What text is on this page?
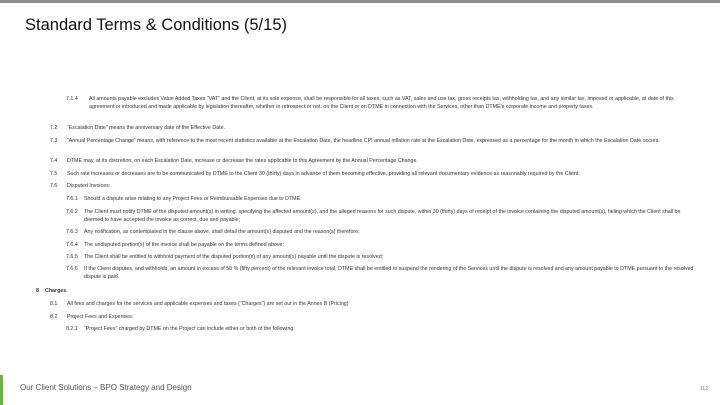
Standard Terms & Conditions (5/15)
7.1.4	All amounts payable excludes Value Added Taxes “VAT” and the Client, at its sole expense, shall be responsible for all taxes, such as VAT, sales and use tax, gross receipts tax, withholding tax, and any similar tax, imposed or applicable, at date of this agreement or introduced and made applicable by legislation thereafter, whether in retrospect or not, on the Client or on DTME in connection with the Services, other than DTME’s corporate income and property taxes.
7.2	“Escalation Date” means the anniversary date of the Effective Date.
7.3	“Annual Percentage Change” means, with reference to the most recent statistics available at the Escalation Date, the headline CPI annual inflation rate at the Escalation Date, expressed as a percentage for the month in which the Escalation Date occurs.
7.4	DTME may, at its discretion, on each Escalation Date, increase or decrease the rates applicable to this Agreement by the Annual Percentage Change.
7.5	Such rate increases or decreases are to be communicated by DTME to the Client 30 (thirty) days in advance of them becoming effective, providing all relevant documentary evidence as reasonably required by the Client.
7.6	Disputed Invoices:
7.6.1	Should a dispute arise relating to any Project Fees or Reimbursable Expenses due to DTME:
7.6.2	The Client must notify DTME of the disputed amount(s) in writing, specifying the affected amount(s), and the alleged reasons for such dispute, within 30 (thirty) days of receipt of the invoice containing the disputed amount(s), failing which the Client shall be deemed to have accepted the invoice as correct, due and payable;
7.6.3	Any notification, as contemplated in the clause above, shall detail the amount(s) disputed and the reason(s) therefore;
7.6.4	The undisputed portion(s) of the invoice shall be payable on the terms defined above;
7.6.5	The Client shall be entitled to withhold payment of the disputed portion(s) of any amount(s) payable until the dispute is resolved;
7.6.6	If the Client disputes, and withholds, an amount in excess of 50 % (fifty percent) of the relevant invoice total, DTME shall be entitled to suspend the rendering of the Services until the dispute is resolved and any amount payable to DTME pursuant to the resolved dispute is paid.
8	Charges.
8.1	All fees and charges for the services and applicable expenses and taxes (“Charges”) are set out in the Annex B (Pricing)
8.2	Project Fees and Expenses:
8.2.1	“Project Fees” charged by DTME on the Project can include either or both of the following:
Our Client Solutions – BPO Strategy and Design	112
